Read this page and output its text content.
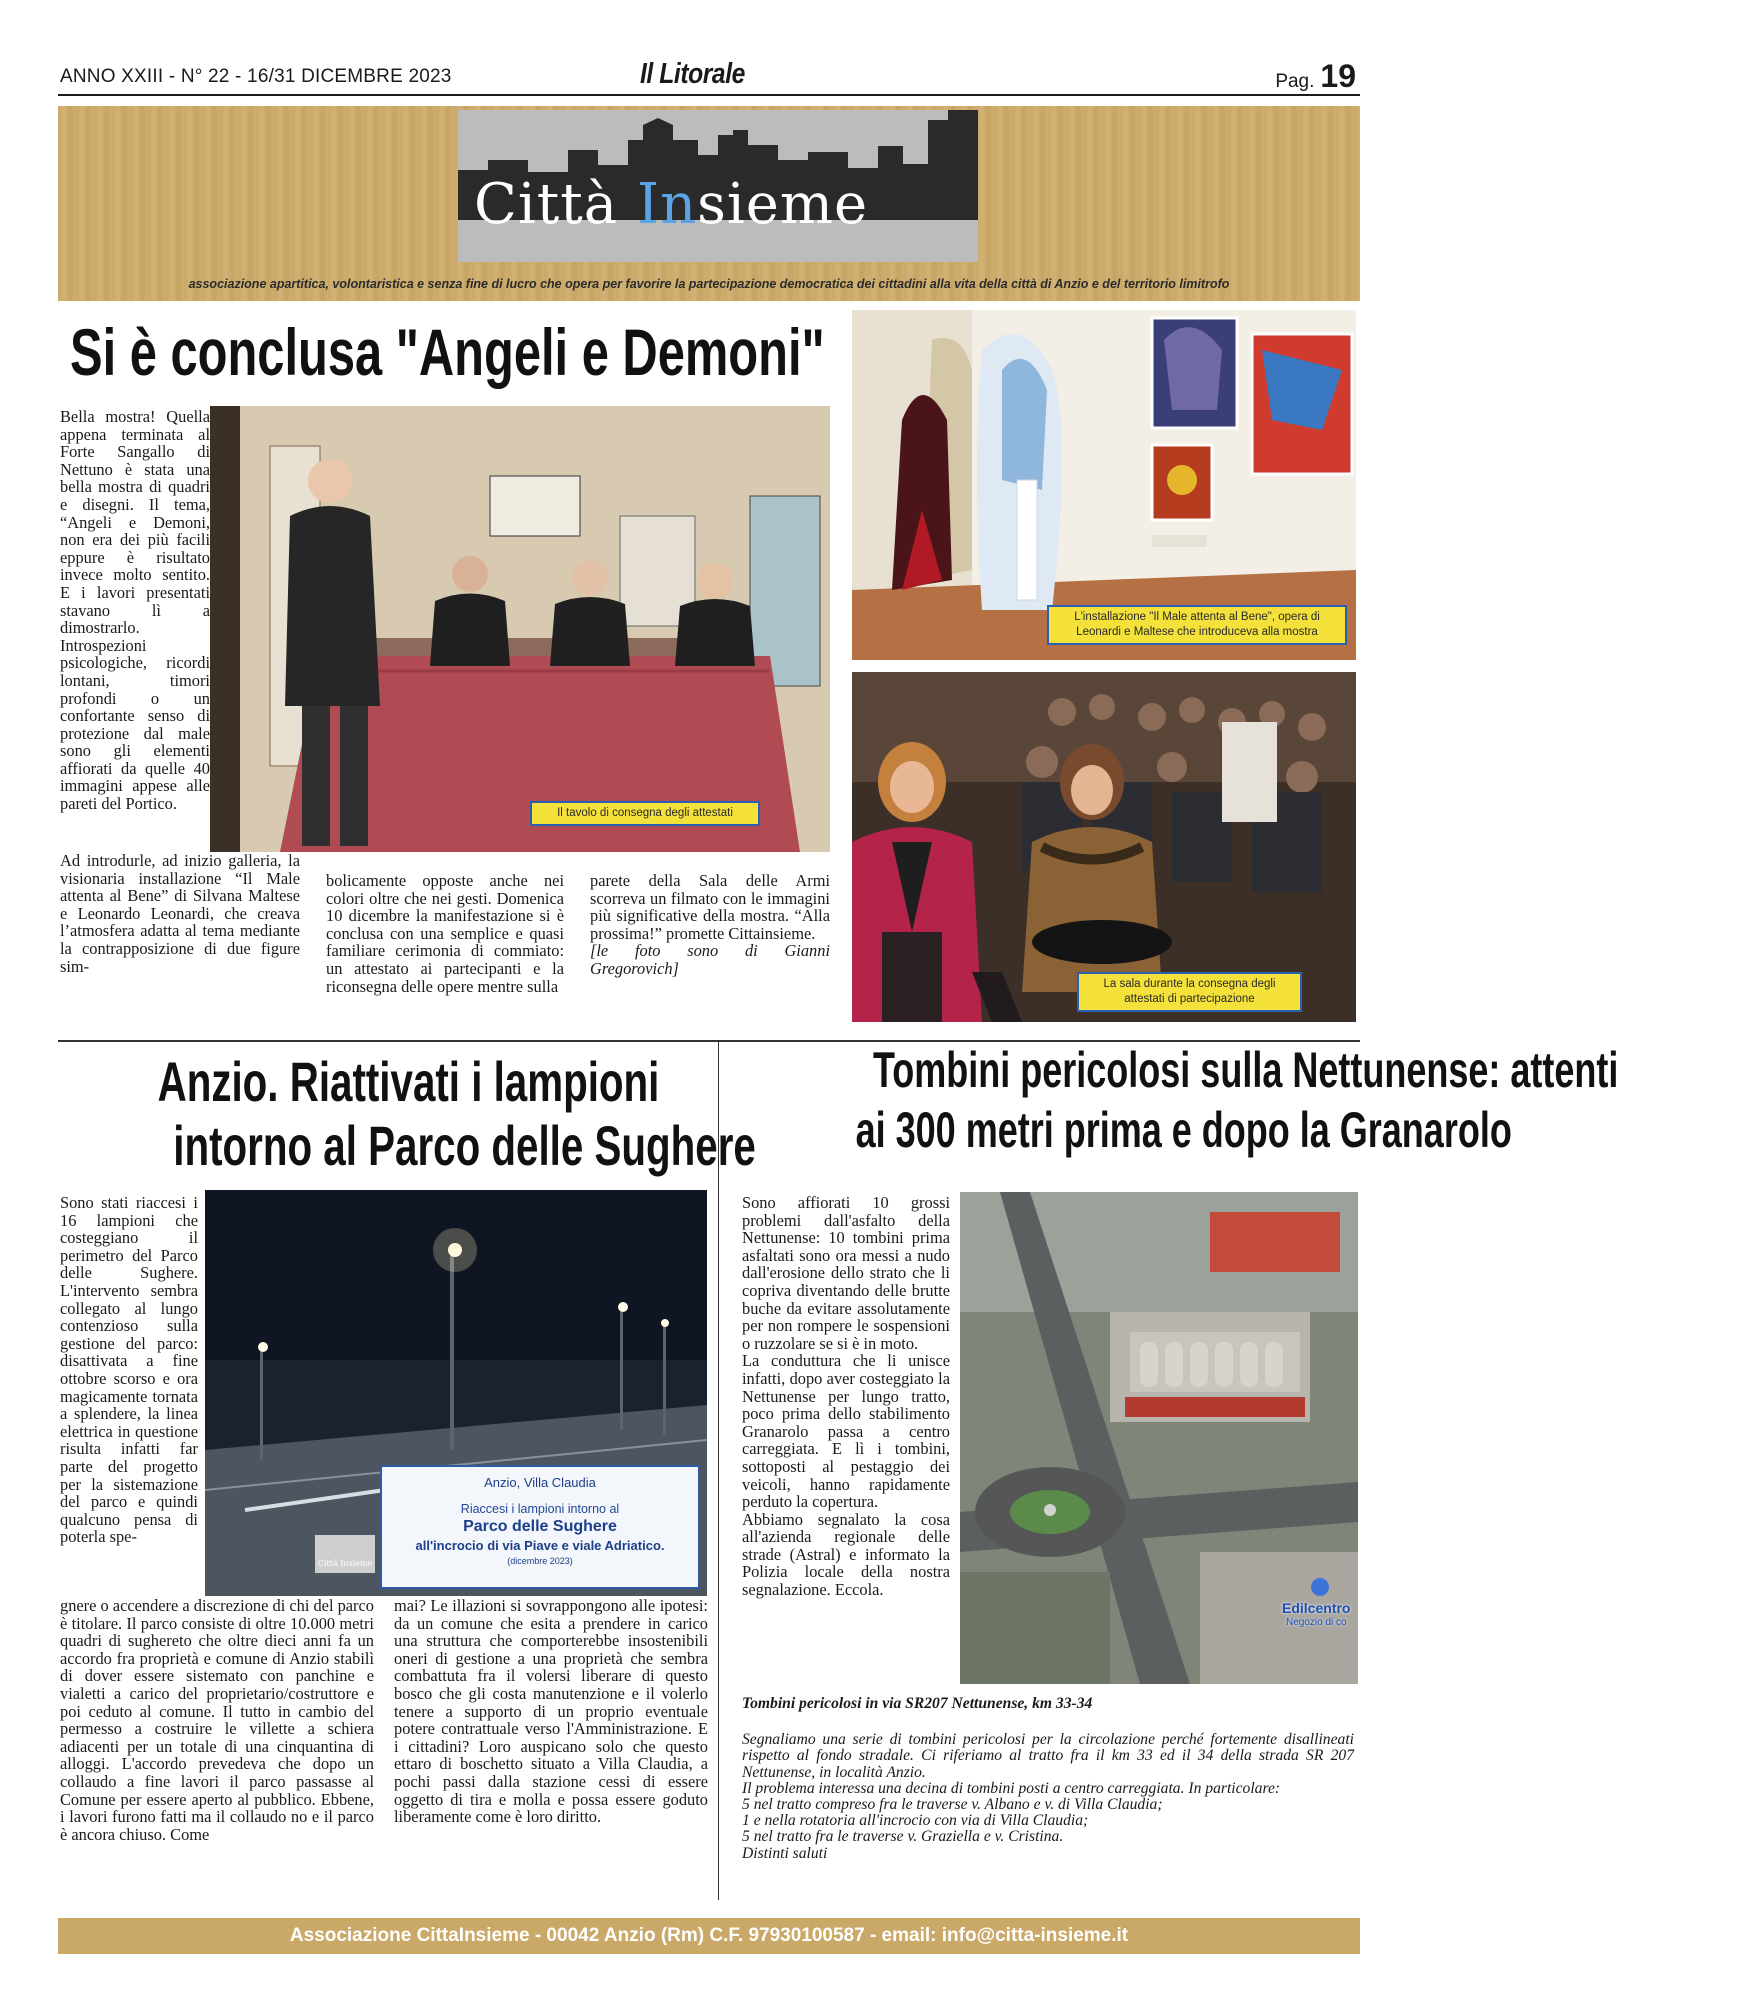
ANNO XXIII - N° 22 - 16/31 DICEMBRE 2023	Il Litorale	Pag. 19
Città Insieme
associazione apartitica, volontaristica e senza fine di lucro che opera per favorire la partecipazione democratica dei cittadini alla vita della città di Anzio e del territorio limitrofo
Si è conclusa "Angeli e Demoni"
Bella mostra! Quella appena terminata al Forte Sangallo di Nettuno è stata una bella mostra di quadri e disegni. Il tema, “Angeli e Demoni, non era dei più facili eppure è risultato invece molto sentito. E i lavori presentati stavano lì a dimostrarlo. Introspezioni psicologiche, ricordi lontani, timori profondi o un confortante senso di protezione dal male sono gli elementi affiorati da quelle 40 immagini appese alle pareti del Portico.	Il tavolo di consegna degli attestati
Ad introdurle, ad inizio galleria, la visionaria installazione “Il Male attenta al Bene” di Silvana Maltese e Leonardo Leonardi, che creava l’atmosfera adatta al tema mediante la contrapposizione di due figure sim-
bolicamente opposte anche nei colori oltre che nei gesti. Domenica 10 dicembre la manifestazione si è conclusa con una semplice e quasi familiare cerimonia di commiato: un attestato ai partecipanti e la riconsegna delle opere mentre sulla

parete della Sala delle Armi scorreva un filmato con le immagini più significative della mostra. “Alla prossima!” promette Cittainsieme.

[le foto sono di Gianni Gregorovich]

L'installazione "Il Male attenta al Bene", opera di Leonardi e Maltese che introduceva alla mostra
La sala durante la consegna degli attestati di partecipazione
Anzio. Riattivati i lampioni
intorno al Parco delle Sughere
Sono stati riaccesi i 16 lampioni che costeggiano il perimetro del Parco delle Sughere. L'intervento sembra collegato al lungo contenzioso sulla gestione del parco: disattivata a fine ottobre scorso e ora magicamente tornata a splendere, la linea elettrica in questione risulta infatti far parte del progetto per la sistemazione del parco e quindi qualcuno pensa di poterla spe-
Anzio, Villa Claudia
Riaccesi i lampioni intorno al
Parco delle Sughere
all'incrocio di via Piave e viale Adriatico.
(dicembre 2023)
Città Insieme
gnere o accendere a discrezione di chi del parco è titolare. Il parco consiste di oltre 10.000 metri quadri di sughereto che oltre dieci anni fa un accordo fra proprietà e comune di Anzio stabilì di dover essere sistemato con panchine e vialetti a carico del proprietario/costruttore e poi ceduto al comune. Il tutto in cambio del permesso a costruire le villette a schiera adiacenti per un totale di una cinquantina di alloggi. L'accordo prevedeva che dopo un collaudo a fine lavori il parco passasse al Comune per essere aperto al pubblico. Ebbene, i lavori furono fatti ma il collaudo no e il parco è ancora chiuso. Come
mai? Le illazioni si sovrappongono alle ipotesi: da un comune che esita a prendere in carico una struttura che comporterebbe insostenibili oneri di gestione a una proprietà che sembra combattuta fra il volersi liberare di questo bosco che gli costa manutenzione e il volerlo tenere a supporto di un proprio eventuale potere contrattuale verso l'Amministrazione. E i cittadini? Loro auspicano solo che questo ettaro di boschetto situato a Villa Claudia, a pochi passi dalla stazione cessi di essere oggetto di tira e molla e possa essere goduto liberamente come è loro diritto.
Tombini pericolosi sulla Nettunense: attenti
ai 300 metri prima e dopo la Granarolo

Sono affiorati 10 grossi problemi dall'asfalto della Nettunense: 10 tombini prima asfaltati sono ora messi a nudo dall'erosione dello strato che li copriva diventando delle brutte buche da evitare assolutamente per non rompere le sospensioni o ruzzolare se si è in moto.

La conduttura che li unisce infatti, dopo aver costeggiato la Nettunense per lungo tratto, poco prima dello stabilimento Granarolo passa a centro carreggiata. E lì i tombini, sottoposti al pestaggio dei veicoli, hanno rapidamente perduto la copertura.

Abbiamo segnalato la cosa all'azienda regionale delle strade (Astral) e informato la Polizia locale della nostra segnalazione. Eccola.

Edilcentro
Negozio di co

Tombini pericolosi in via SR207 Nettunense, km 33-34

Segnaliamo una serie di tombini pericolosi per la circolazione perché fortemente disallineati rispetto al fondo stradale. Ci riferiamo al tratto fra il km 33 ed il 34 della strada SR 207 Nettunense, in località Anzio.

Il problema interessa una decina di tombini posti a centro carreggiata. In particolare:

5 nel tratto compreso fra le traverse v. Albano e v. di Villa Claudia;

1 e nella rotatoria all'incrocio con via di Villa Claudia;

5 nel tratto fra le traverse v. Graziella e v. Cristina.

Distinti saluti

Associazione CittaInsieme - 00042 Anzio (Rm) C.F. 97930100587 - email: info@citta-insieme.it
